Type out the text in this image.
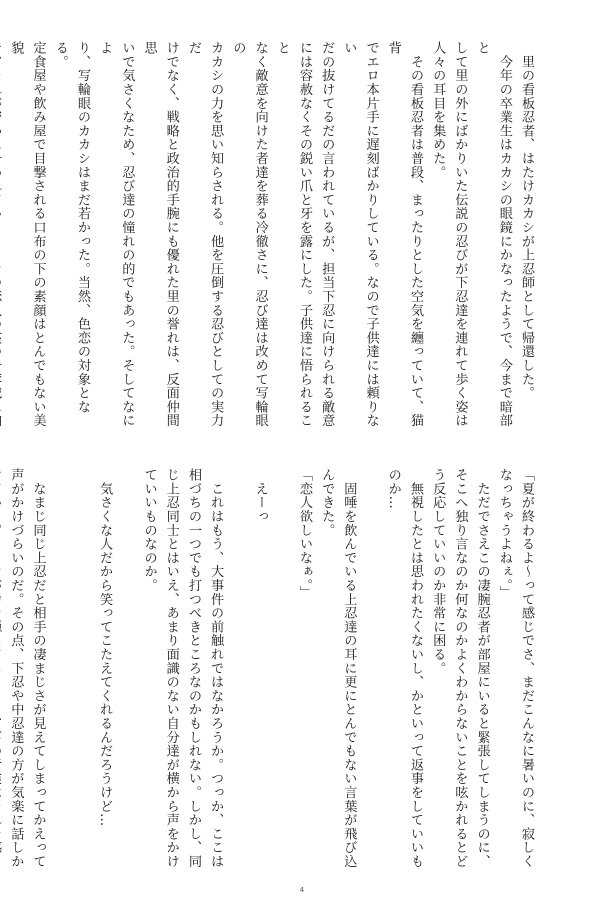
　里の看板忍者、はたけカカシが上忍師として帰還した。

　今年の卒業生はカカシの眼鏡にかなったようで、今まで暗部と

して里の外にばかりいた伝説の忍びが下忍達を連れて歩く姿は

人々の耳目を集めた。

　その看板忍者は普段、まったりとした空気を纏っていて、猫背

でエロ本片手に遅刻ばかりしている。なので子供達には頼りない

だの抜けてるだの言われているが、担当下忍に向けられる敵意

には容赦なくその鋭い爪と牙を露にした。子供達に悟られること

なく敵意を向けた者達を葬る冷徹さに、忍び達は改めて写輪眼の

カカシの力を思い知らされる。他を圧倒する忍びとしての実力だ

けでなく、戦略と政治的手腕にも優れた里の誉れは、反面仲間思

いで気さくなため、忍び達の憧れの的でもあった。そしてなによ

り、写輪眼のカカシはまだ若かった。当然、色恋の対象となる。

定食屋や飲み屋で目撃される口布の下の素顔はとんでもない美貌

「夏が終わるよ～って感じでさ、まだこんなに暑いのに、寂しく

なっちゃうよねぇ。」

　ただでさえこの凄腕忍者が部屋にいると緊張してしまうのに、

そこへ独り言なのか何なのかよくわからないことを呟かれるとど

う反応していいのか非常に困る。

　無視したとは思われたくないし、かといって返事をしていいも

のか…

　固唾を飲んでいる上忍達の耳に更にとんでもない言葉が飛び込

んできた。

「恋人欲しいなぁ。」

　えーっ

　これはもう、大事件の前触れではなかろうか。つっか、ここは

相づちの一つでも打つべきところなのかもしれない。しかし、同

じ上忍同士とはいえ、あまり面識のない自分達が横から声をかけ

ていいものなのか。

　気さくな人だから笑ってこたえてくれるんだろうけど…

　なまじ同じ上忍だと相手の凄まじさが見えてしまってかえって

声がかけづらいのだ。その点、下忍や中忍達の方が気楽に話しか

4
